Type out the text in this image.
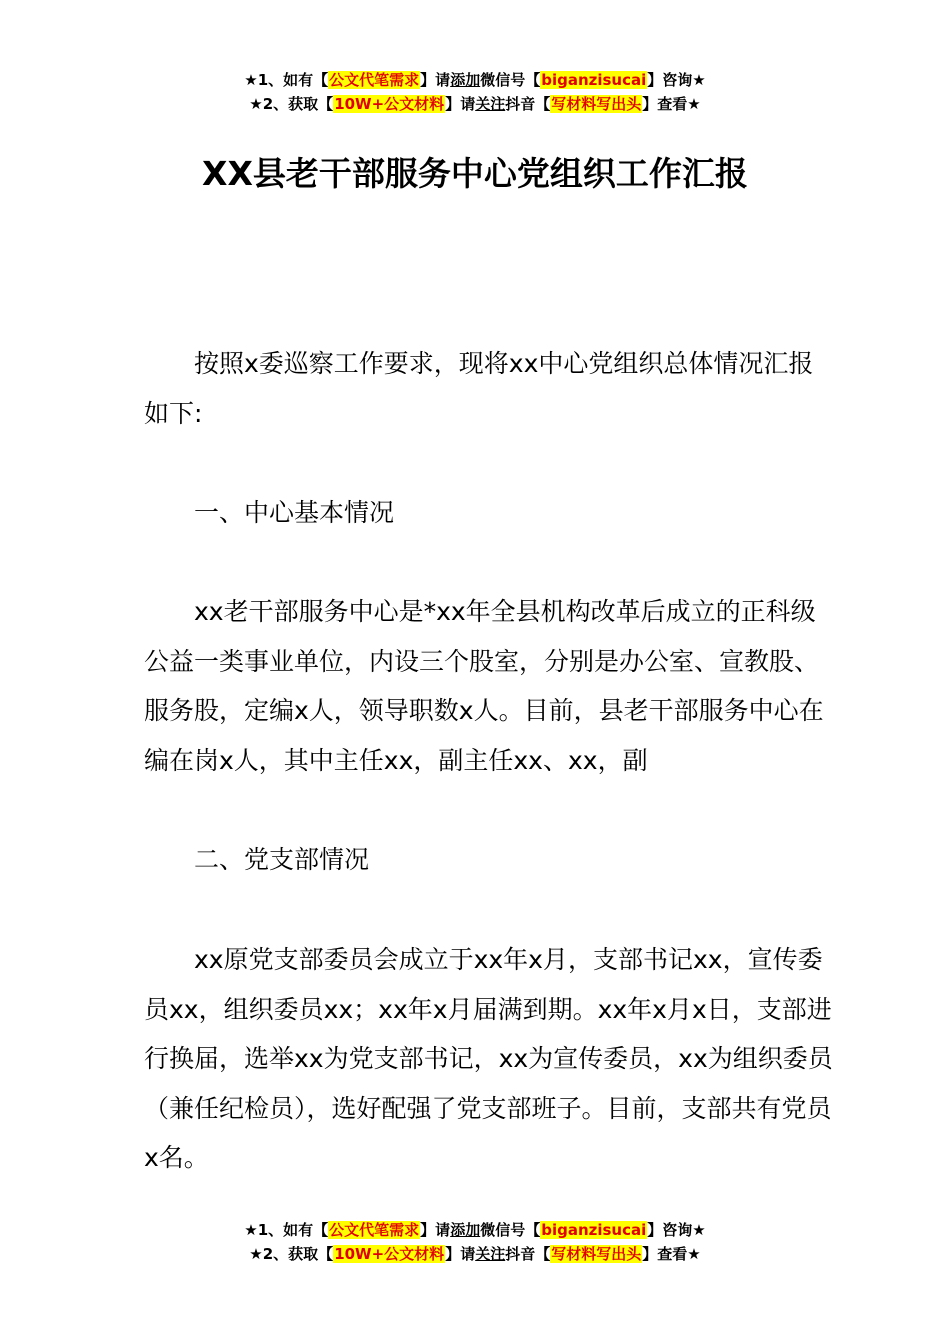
★1、如有【公文代笔需求】请添加微信号【biganzisucai】咨询★
★2、获取【10W+公文材料】请关注抖音【写材料写出头】查看★
XX县老干部服务中心党组织工作汇报

按照x委巡察工作要求，现将xx中心党组织总体情况汇报如下:

一、中心基本情况

xx老干部服务中心是*xx年全县机构改革后成立的正科级公益一类事业单位，内设三个股室，分别是办公室、宣教股、服务股，定编x人，领导职数x人。目前，县老干部服务中心在编在岗x人，其中主任xx，副主任xx、xx，副

二、党支部情况

xx原党支部委员会成立于xx年x月，支部书记xx，宣传委员xx，组织委员xx；xx年x月届满到期。xx年x月x日，支部进行换届，选举xx为党支部书记，xx为宣传委员，xx为组织委员（兼任纪检员），选好配强了党支部班子。目前，支部共有党员x名。

★1、如有【公文代笔需求】请添加微信号【biganzisucai】咨询★
★2、获取【10W+公文材料】请关注抖音【写材料写出头】查看★
